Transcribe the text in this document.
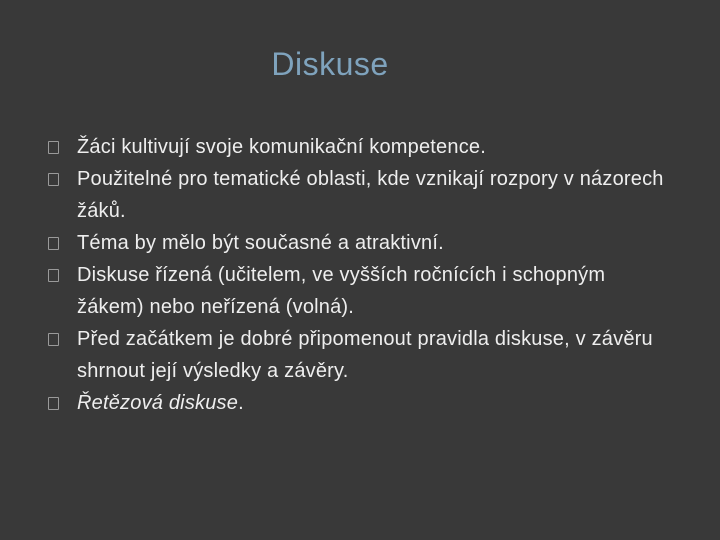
Diskuse
Žáci kultivují svoje komunikační kompetence.
Použitelné pro tematické oblasti, kde vznikají rozpory v názorech žáků.
Téma by mělo být současné a atraktivní.
Diskuse řízená (učitelem, ve vyšších ročnících i schopným žákem) nebo neřízená (volná).
Před začátkem je dobré připomenout pravidla diskuse, v závěru shrnout její výsledky a závěry.
Řetězová diskuse.
